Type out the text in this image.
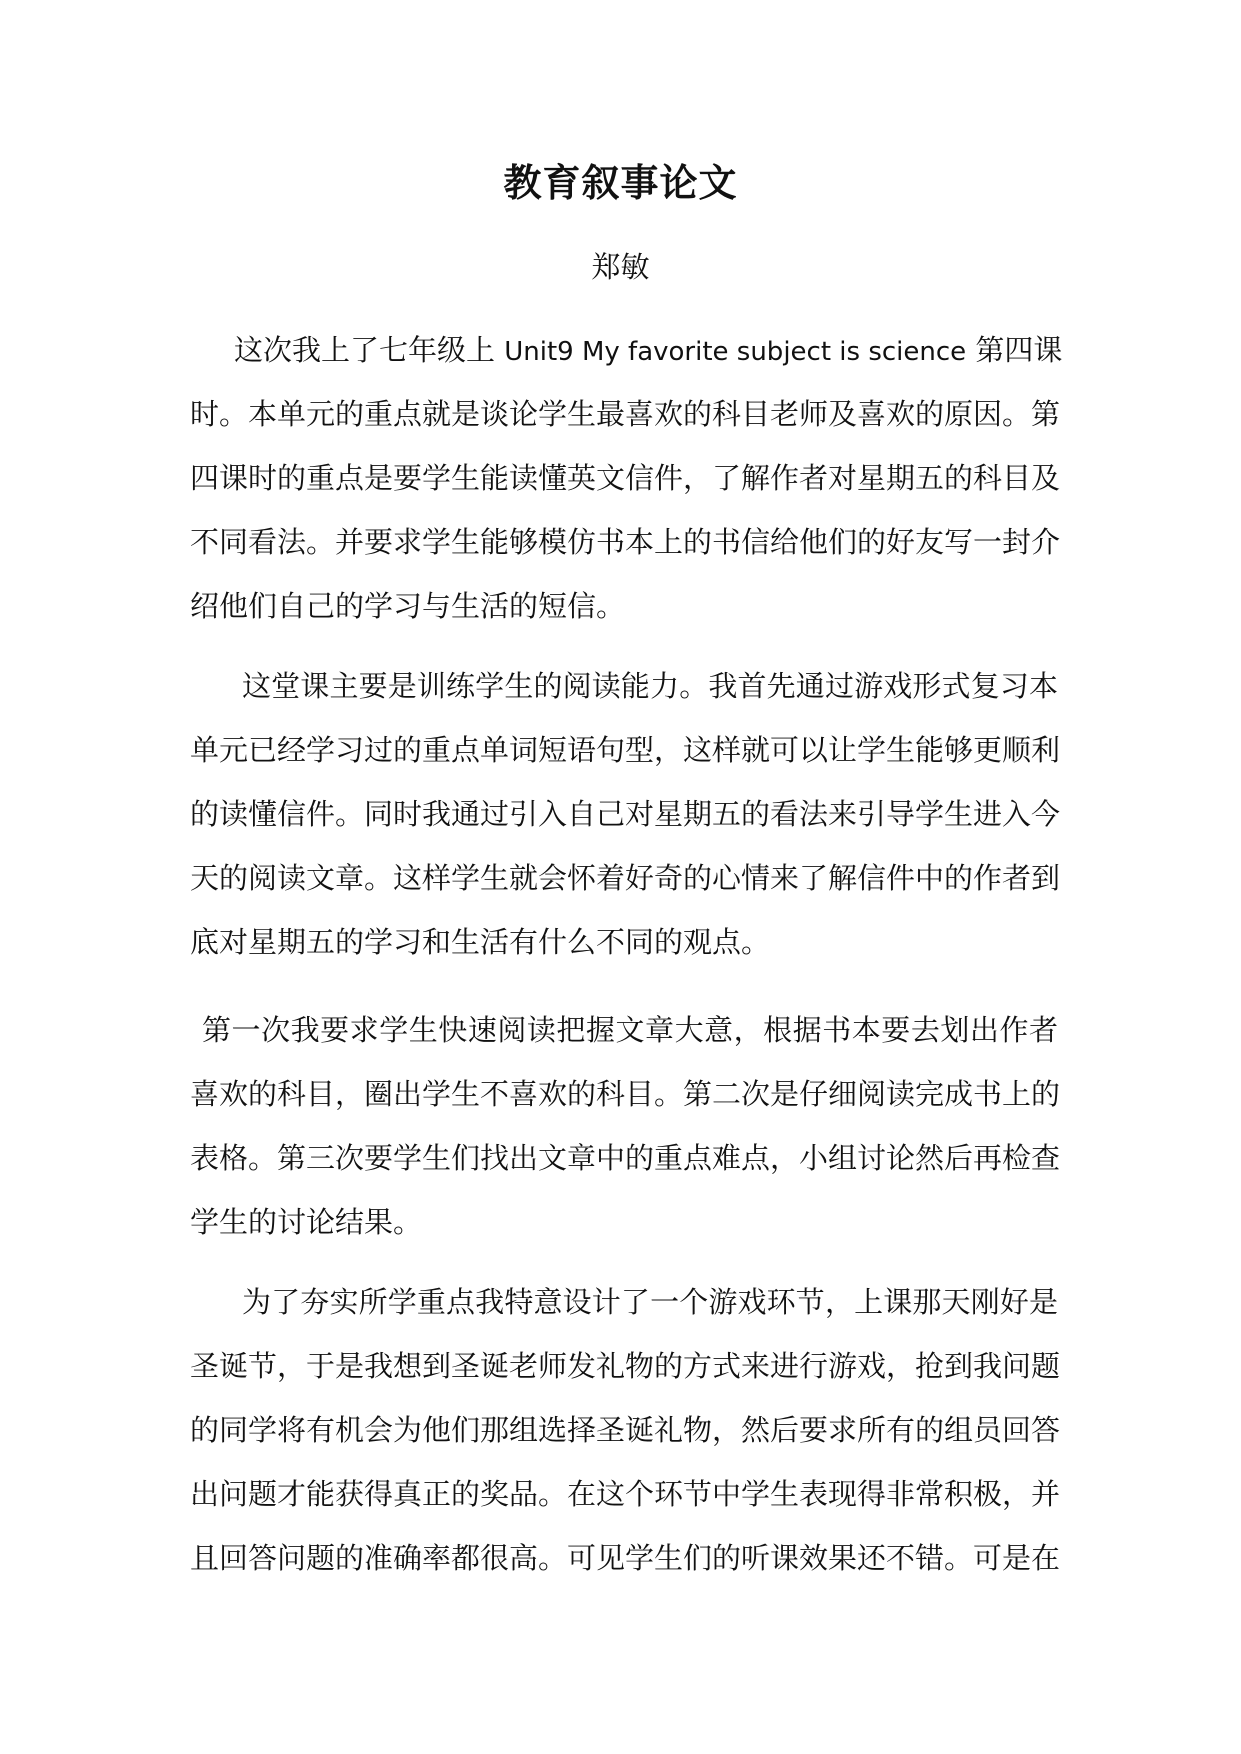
教育叙事论文
郑敏
这次我上了七年级上 Unit9 My favorite subject is science 第四课
时。本单元的重点就是谈论学生最喜欢的科目老师及喜欢的原因。第
四课时的重点是要学生能读懂英文信件，了解作者对星期五的科目及
不同看法。并要求学生能够模仿书本上的书信给他们的好友写一封介
绍他们自己的学习与生活的短信。
这堂课主要是训练学生的阅读能力。我首先通过游戏形式复习本
单元已经学习过的重点单词短语句型，这样就可以让学生能够更顺利
的读懂信件。同时我通过引入自己对星期五的看法来引导学生进入今
天的阅读文章。这样学生就会怀着好奇的心情来了解信件中的作者到
底对星期五的学习和生活有什么不同的观点。
第一次我要求学生快速阅读把握文章大意，根据书本要去划出作者
喜欢的科目，圈出学生不喜欢的科目。第二次是仔细阅读完成书上的
表格。第三次要学生们找出文章中的重点难点，小组讨论然后再检查
学生的讨论结果。
为了夯实所学重点我特意设计了一个游戏环节，上课那天刚好是
圣诞节，于是我想到圣诞老师发礼物的方式来进行游戏，抢到我问题
的同学将有机会为他们那组选择圣诞礼物，然后要求所有的组员回答
出问题才能获得真正的奖品。在这个环节中学生表现得非常积极，并
且回答问题的准确率都很高。可见学生们的听课效果还不错。可是在
